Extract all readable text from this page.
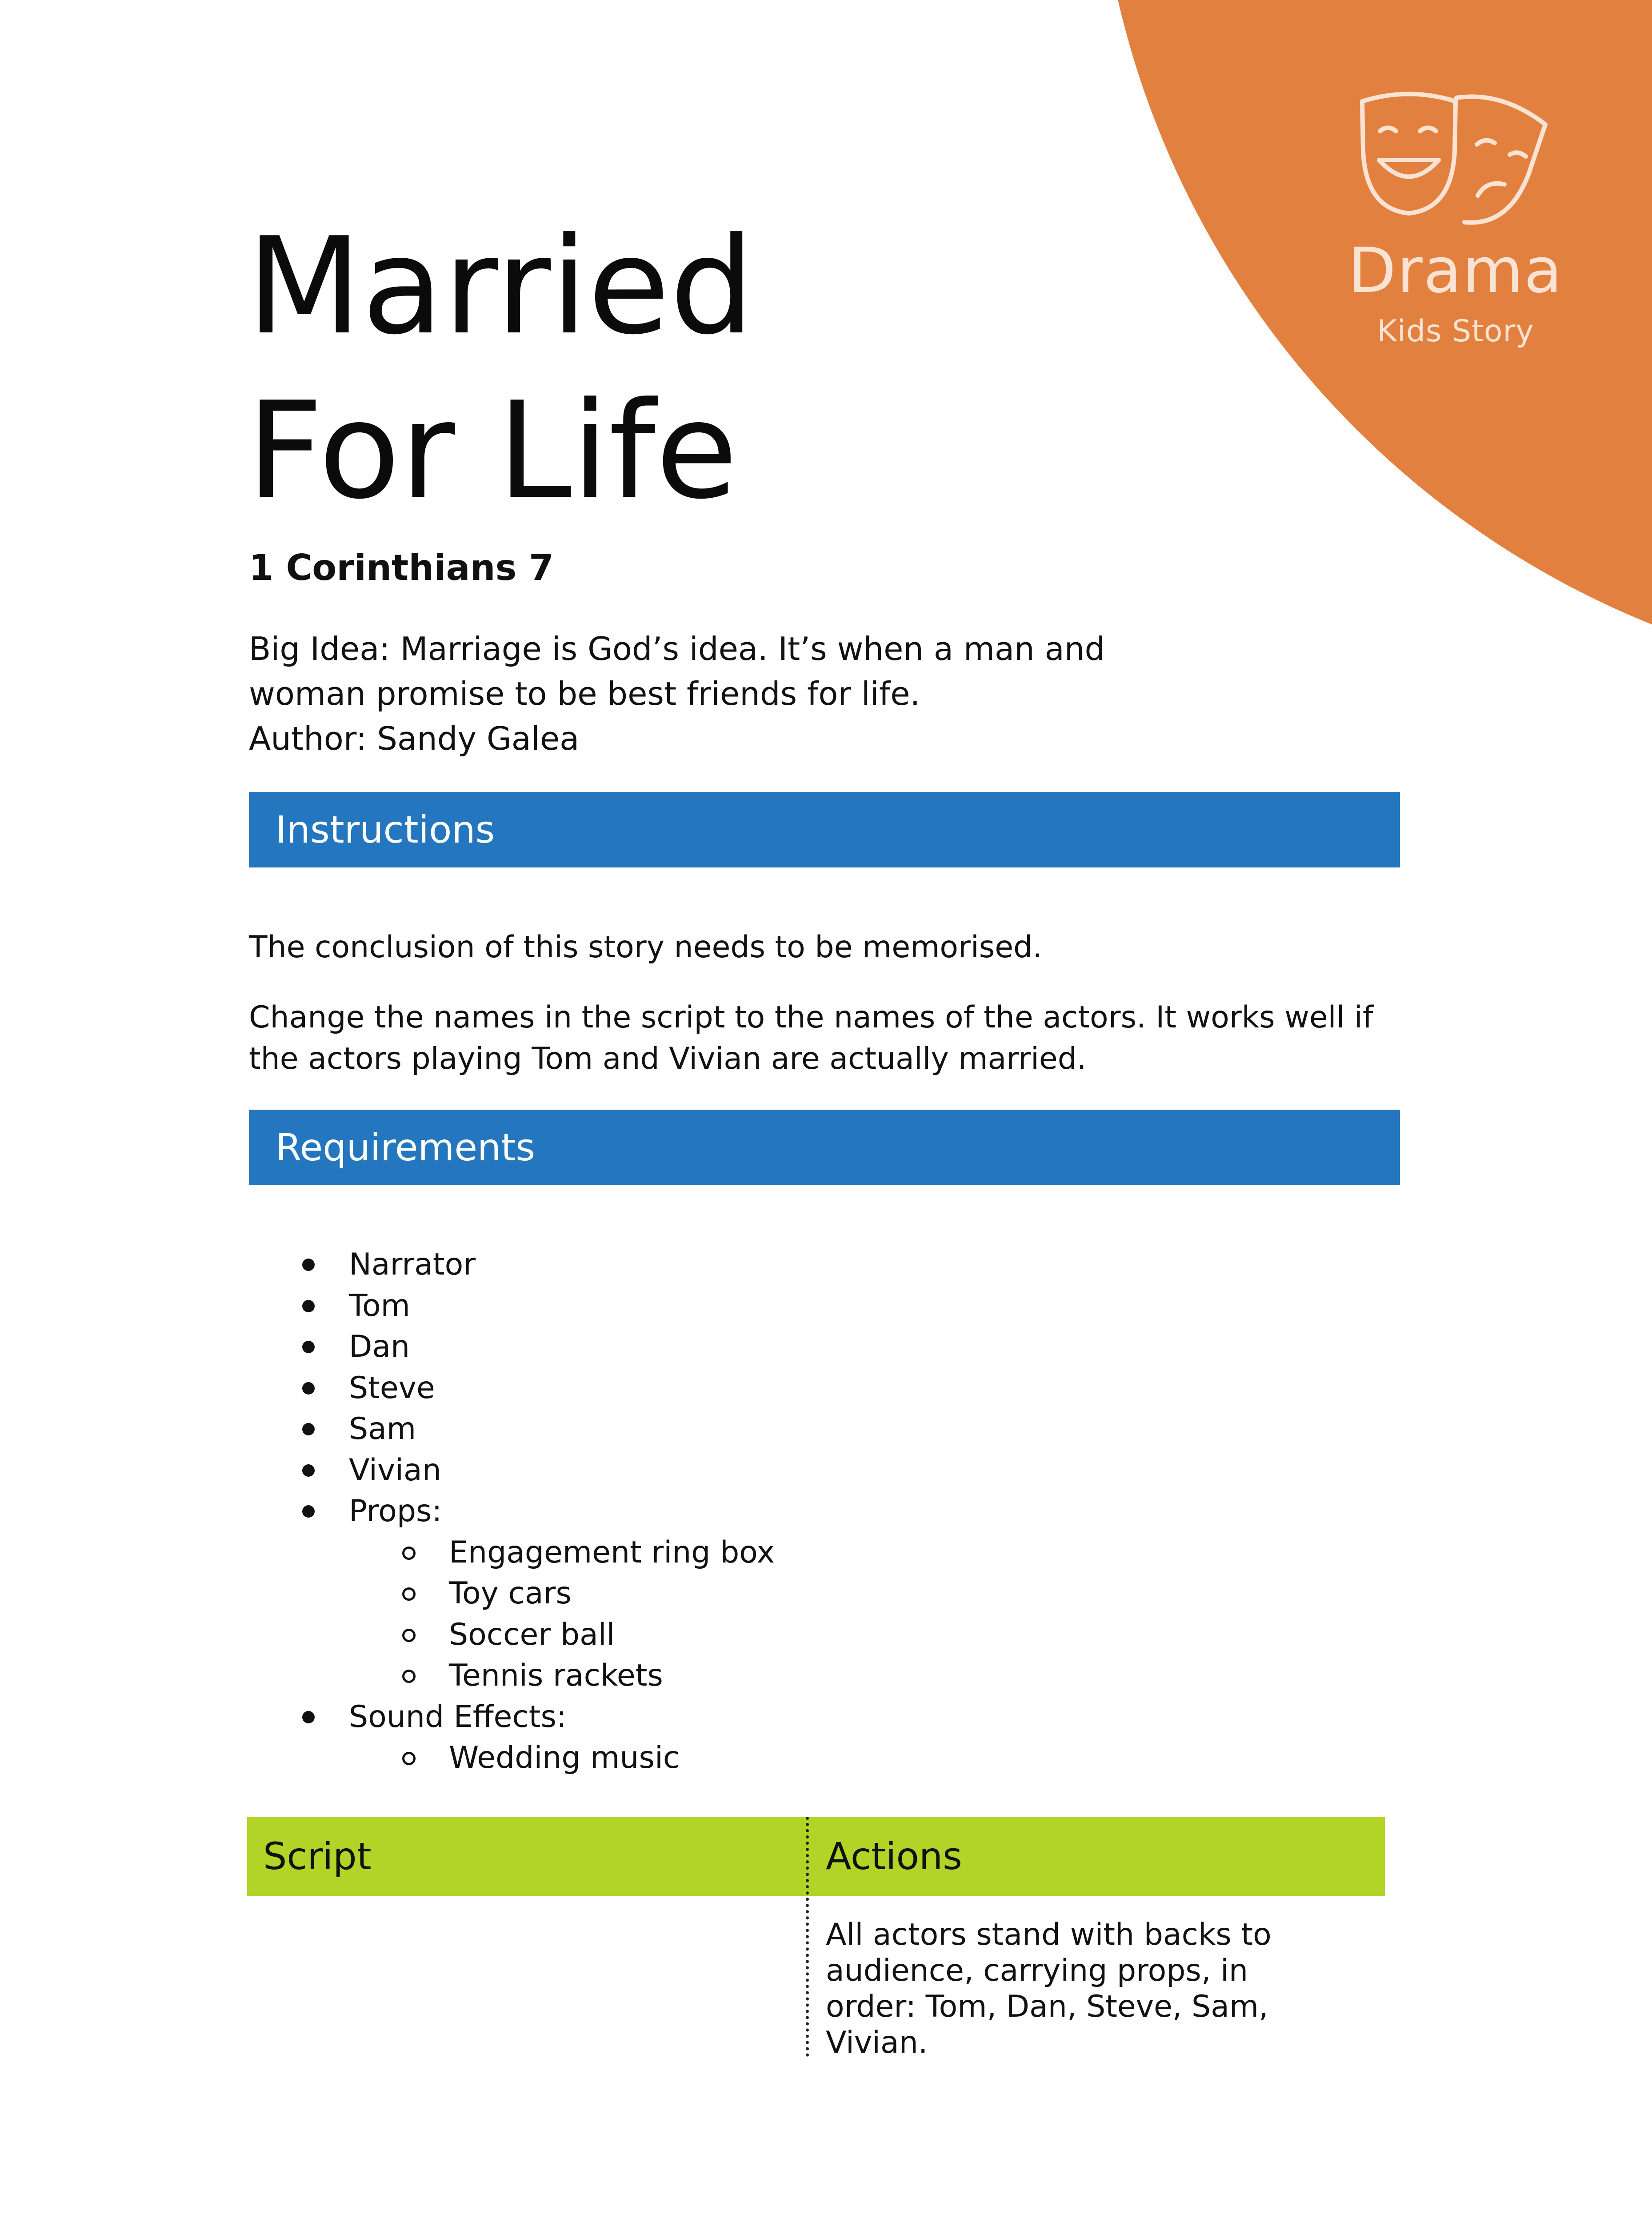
Drama
Kids Story
Married
For Life
1 Corinthians 7

Big Idea: Marriage is God’s idea. It’s when a man and
woman promise to be best friends for life.
Author: Sandy Galea

Instructions

The conclusion of this story needs to be memorised.

Change the names in the script to the names of the actors. It works well if the actors playing Tom and Vivian are actually married.

Requirements
Narrator
Tom
Dan
Steve
Sam
Vivian
Props:
Engagement ring box
Toy cars
Soccer ball
Tennis rackets
Sound Effects:
Wedding music
Script	Actions

All actors stand with backs to
audience, carrying props, in
order: Tom, Dan, Steve, Sam,
Vivian.
